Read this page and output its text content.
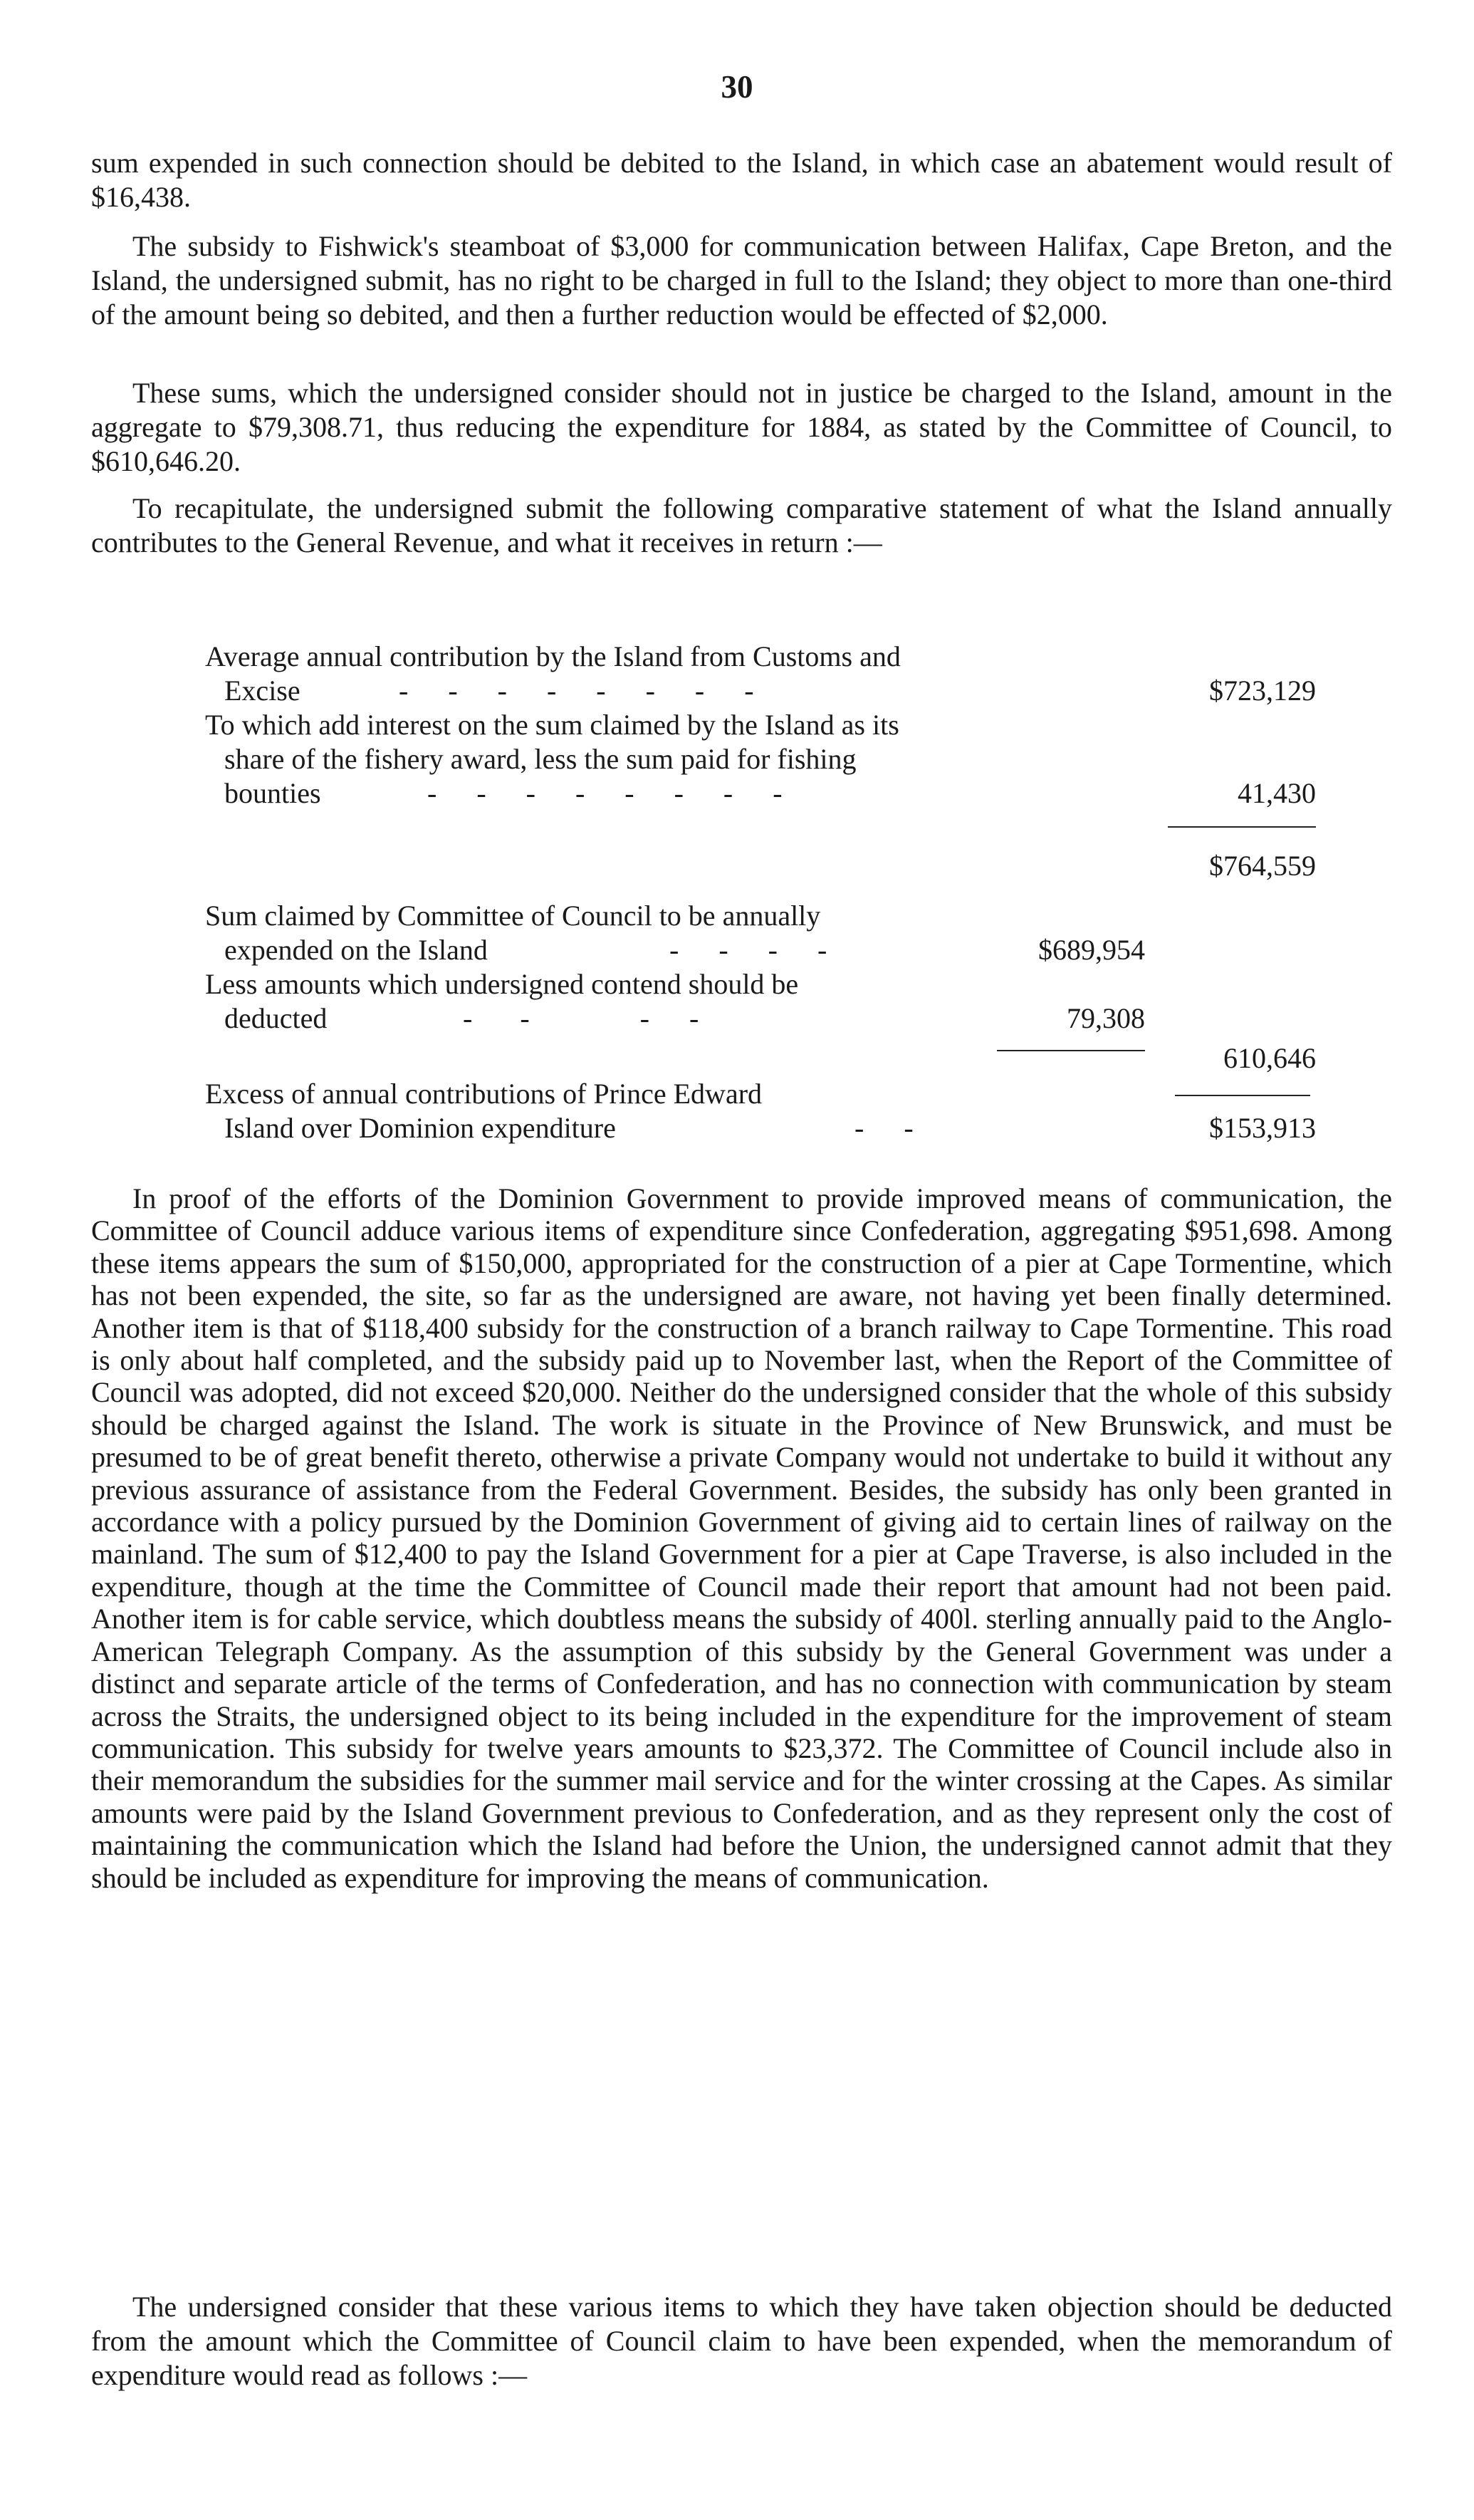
30

sum expended in such connection should be debited to the Island, in which case an abatement would result of $16,438.

The subsidy to Fishwick's steamboat of $3,000 for communication between Halifax, Cape Breton, and the Island, the undersigned submit, has no right to be charged in full to the Island; they object to more than one-third of the amount being so debited, and then a further reduction would be effected of $2,000.

These sums, which the undersigned consider should not in justice be charged to the Island, amount in the aggregate to $79,308.71, thus reducing the expenditure for 1884, as stated by the Committee of Council, to $610,646.20.

To recapitulate, the undersigned submit the following comparative statement of what the Island annually contributes to the General Revenue, and what it receives in return :—

Average annual contribution by the Island from Customs and
Excise	-     -     -     -     -     -     -     -	$723,129
To which add interest on the sum claimed by the Island as its
share of the fishery award, less the sum paid for fishing
bounties	-     -     -     -     -     -     -     -	41,430
$764,559
Sum claimed by Committee of Council to be annually
expended on the Island	-     -     -     -	$689,954
Less amounts which undersigned contend should be
deducted	-      -              -     -	79,308
610,646
Excess of annual contributions of Prince Edward
Island over Dominion expenditure	-     -	$153,913

In proof of the efforts of the Dominion Government to provide improved means of communication, the Committee of Council adduce various items of expenditure since Confederation, aggregating $951,698. Among these items appears the sum of $150,000, appropriated for the construction of a pier at Cape Tormentine, which has not been expended, the site, so far as the undersigned are aware, not having yet been finally determined. Another item is that of $118,400 subsidy for the construction of a branch railway to Cape Tormentine. This road is only about half completed, and the subsidy paid up to November last, when the Report of the Committee of Council was adopted, did not exceed $20,000. Neither do the undersigned consider that the whole of this subsidy should be charged against the Island. The work is situate in the Province of New Brunswick, and must be presumed to be of great benefit thereto, otherwise a private Company would not undertake to build it without any previous assurance of assistance from the Federal Government. Besides, the subsidy has only been granted in accordance with a policy pursued by the Dominion Government of giving aid to certain lines of railway on the mainland. The sum of $12,400 to pay the Island Government for a pier at Cape Traverse, is also included in the expenditure, though at the time the Committee of Council made their report that amount had not been paid. Another item is for cable service, which doubtless means the subsidy of 400l. sterling annually paid to the Anglo-American Telegraph Company. As the assumption of this subsidy by the General Government was under a distinct and separate article of the terms of Confederation, and has no connection with communication by steam across the Straits, the undersigned object to its being included in the expenditure for the improvement of steam communication. This subsidy for twelve years amounts to $23,372. The Committee of Council include also in their memorandum the subsidies for the summer mail service and for the winter crossing at the Capes. As similar amounts were paid by the Island Government previous to Confederation, and as they represent only the cost of maintaining the communication which the Island had before the Union, the undersigned cannot admit that they should be included as expenditure for improving the means of communication.

The undersigned consider that these various items to which they have taken objection should be deducted from the amount which the Committee of Council claim to have been expended, when the memorandum of expenditure would read as follows :—
